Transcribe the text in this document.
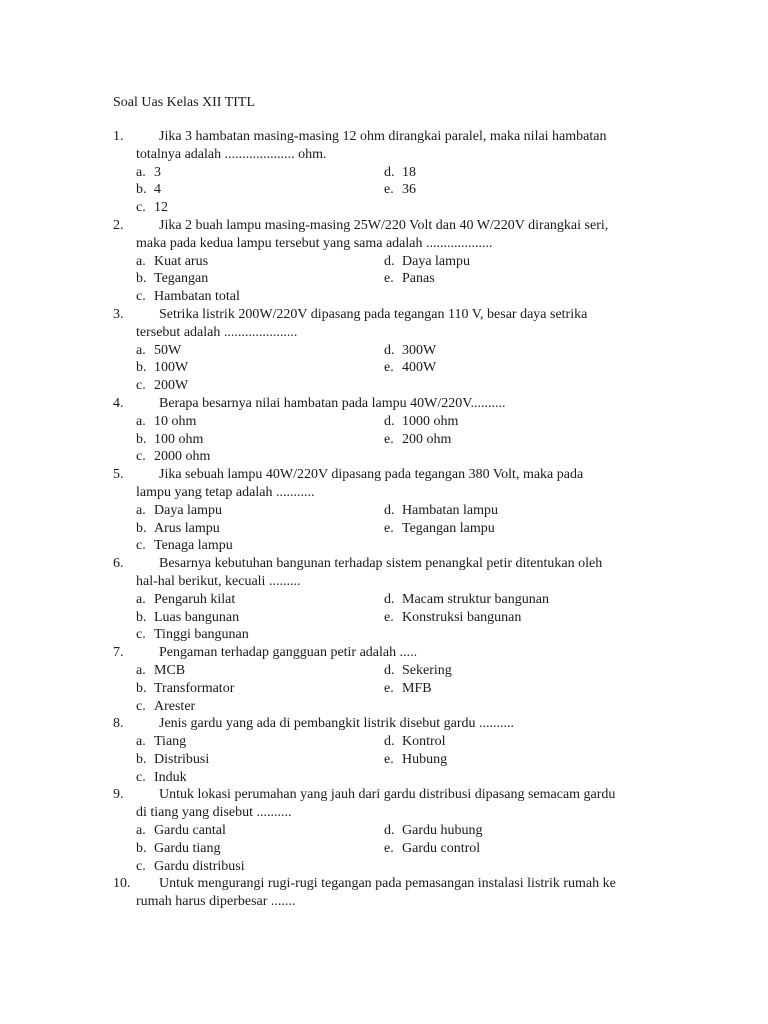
Soal Uas Kelas XII TITL
1.	Jika 3 hambatan masing-masing 12 ohm dirangkai paralel, maka nilai hambatan
totalnya adalah .................... ohm.
a. 3	d. 18
b. 4	e. 36
c. 12
2.	Jika 2 buah lampu masing-masing 25W/220 Volt dan 40 W/220V dirangkai seri,
maka pada kedua lampu tersebut yang sama adalah ...................
a. Kuat arus	d. Daya lampu
b. Tegangan	e. Panas
c. Hambatan total
3.	Setrika listrik 200W/220V dipasang pada tegangan 110 V, besar daya setrika
tersebut adalah .....................
a. 50W	d. 300W
b. 100W	e. 400W
c. 200W
4.	Berapa besarnya nilai hambatan pada lampu 40W/220V..........
a. 10 ohm	d. 1000 ohm
b. 100 ohm	e. 200 ohm
c. 2000 ohm
5.	Jika sebuah lampu 40W/220V dipasang pada tegangan 380 Volt, maka pada
lampu yang tetap adalah ...........
a. Daya lampu	d. Hambatan lampu
b. Arus lampu	e. Tegangan lampu
c. Tenaga lampu
6.	Besarnya kebutuhan bangunan terhadap sistem penangkal petir ditentukan oleh
hal-hal berikut, kecuali .........
a. Pengaruh kilat	d. Macam struktur bangunan
b. Luas bangunan	e. Konstruksi bangunan
c. Tinggi bangunan
7.	Pengaman terhadap gangguan petir adalah .....
a. MCB	d. Sekering
b. Transformator	e. MFB
c. Arester
8.	Jenis gardu yang ada di pembangkit listrik disebut gardu ..........
a. Tiang	d. Kontrol
b. Distribusi	e. Hubung
c. Induk
9.	Untuk lokasi perumahan yang jauh dari gardu distribusi dipasang semacam gardu
di tiang yang disebut ..........
a. Gardu cantal	d. Gardu hubung
b. Gardu tiang	e. Gardu control
c. Gardu distribusi
10. Untuk mengurangi rugi-rugi tegangan pada pemasangan instalasi listrik rumah ke
rumah harus diperbesar .......
